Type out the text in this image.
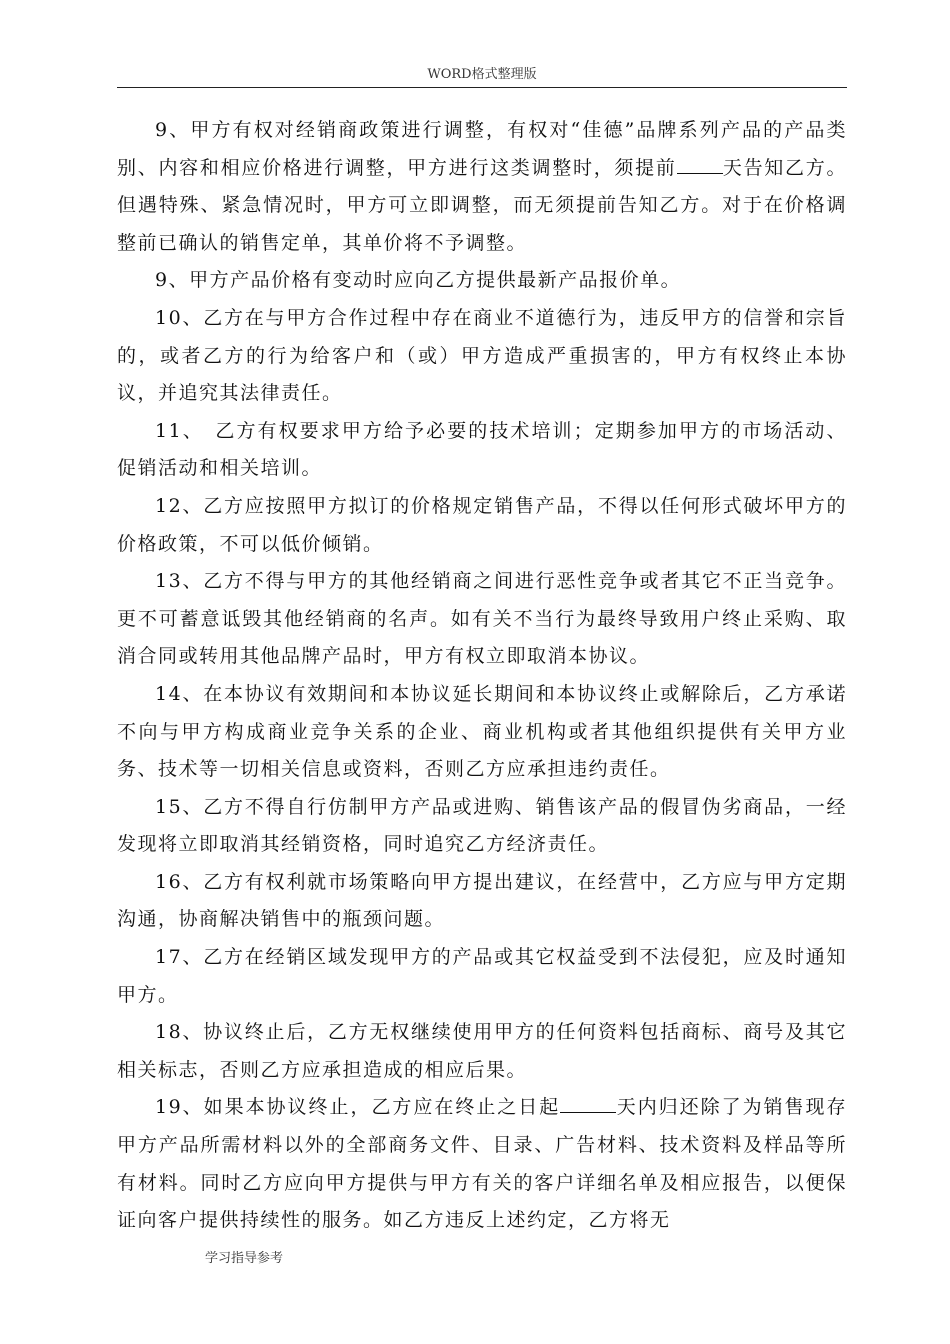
WORD格式整理版

9、甲方有权对经销商政策进行调整，有权对“佳德”品牌系列产品的产品类别、内容和相应价格进行调整，甲方进行这类调整时，须提前 天告知乙方。但遇特殊、紧急情况时，甲方可立即调整，而无须提前告知乙方。对于在价格调整前已确认的销售定单，其单价将不予调整。

9、甲方产品价格有变动时应向乙方提供最新产品报价单。

10、乙方在与甲方合作过程中存在商业不道德行为，违反甲方的信誉和宗旨的，或者乙方的行为给客户和（或）甲方造成严重损害的，甲方有权终止本协议，并追究其法律责任。

11、　乙方有权要求甲方给予必要的技术培训；定期参加甲方的市场活动、促销活动和相关培训。

12、乙方应按照甲方拟订的价格规定销售产品，不得以任何形式破坏甲方的价格政策，不可以低价倾销。

13、乙方不得与甲方的其他经销商之间进行恶性竞争或者其它不正当竞争。更不可蓄意诋毁其他经销商的名声。如有关不当行为最终导致用户终止采购、取消合同或转用其他品牌产品时，甲方有权立即取消本协议。

14、在本协议有效期间和本协议延长期间和本协议终止或解除后，乙方承诺不向与甲方构成商业竞争关系的企业、商业机构或者其他组织提供有关甲方业务、技术等一切相关信息或资料，否则乙方应承担违约责任。

15、乙方不得自行仿制甲方产品或进购、销售该产品的假冒伪劣商品，一经发现将立即取消其经销资格，同时追究乙方经济责任。

16、乙方有权利就市场策略向甲方提出建议，在经营中，乙方应与甲方定期沟通，协商解决销售中的瓶颈问题。

17、乙方在经销区域发现甲方的产品或其它权益受到不法侵犯，应及时通知甲方。

18、协议终止后，乙方无权继续使用甲方的任何资料包括商标、商号及其它相关标志，否则乙方应承担造成的相应后果。

19、如果本协议终止，乙方应在终止之日起	天内归还除了为销售现存甲方产品所需材料以外的全部商务文件、目录、广告材料、技术资料及样品等所有材料。同时乙方应向甲方提供与甲方有关的客户详细名单及相应报告，以便保证向客户提供持续性的服务。如乙方违反上述约定，乙方将无

学习指导参考
